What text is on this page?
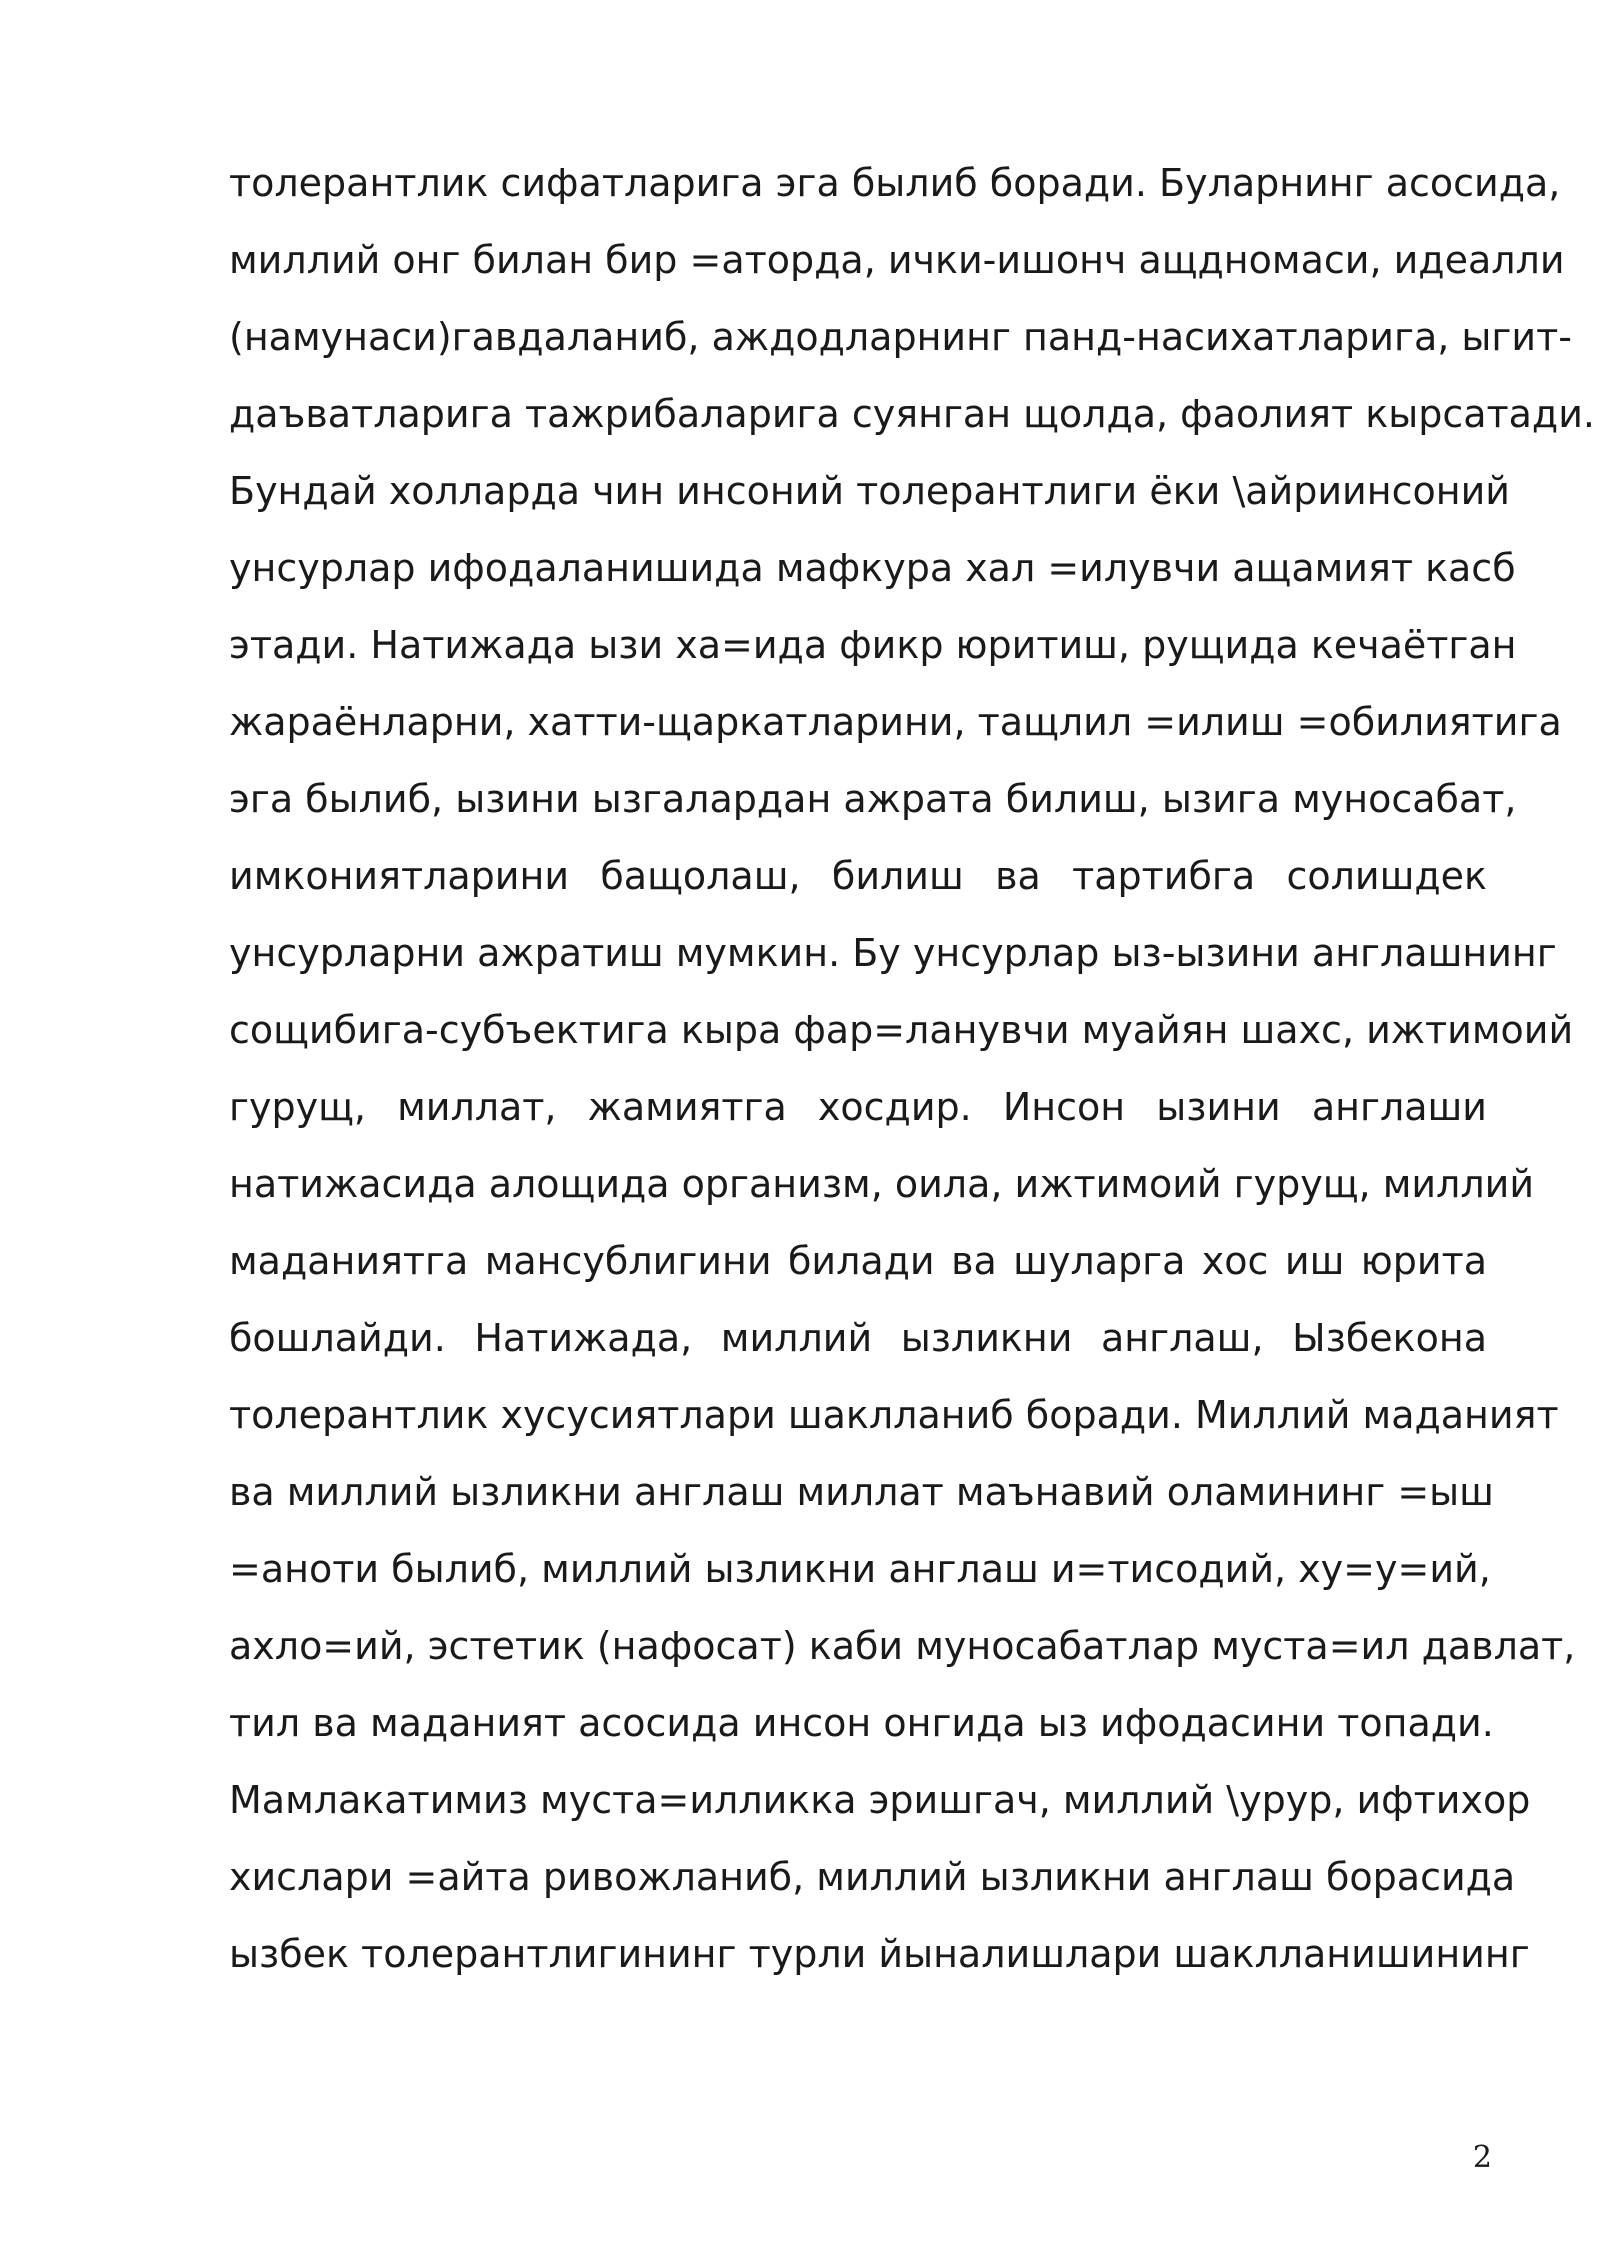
толерантлик сифатларига эга былиб боради. Буларнинг асосида,
миллий онг билан бир =аторда, ички-ишонч ащдномаси, идеалли
(намунаси)гавдаланиб, аждодларнинг панд-насихатларига, ыгит-
даъватларига тажрибаларига суянган щолда, фаолият кырсатади.
Бундай холларда чин инсоний толерантлиги ёки \айриинсоний
унсурлар ифодаланишида мафкура хал =илувчи ащамият касб
этади. Натижада ызи ха=ида фикр юритиш, рущида кечаётган
жараёнларни, хатти-щаркатларини, тащлил =илиш =обилиятига
эга былиб, ызини ызгалардан ажрата билиш, ызига муносабат,
имкониятларини бащолаш, билиш ва тартибга солишдек
унсурларни ажратиш мумкин. Бу унсурлар ыз-ызини англашнинг
сощибига-субъектига кыра фар=ланувчи муайян шахс, ижтимоий
гурущ, миллат, жамиятга хосдир. Инсон ызини англаши
натижасида алощида организм, оила, ижтимоий гурущ, миллий
маданиятга мансублигини билади ва шуларга хос иш юрита
бошлайди. Натижада, миллий ызликни англаш, Ызбекона
толерантлик хусусиятлари шаклланиб боради. Миллий маданият
ва миллий ызликни англаш миллат маънавий оламининг =ыш
=аноти былиб, миллий ызликни англаш и=тисодий, ху=у=ий,
ахло=ий, эстетик (нафосат) каби муносабатлар муста=ил давлат,
тил ва маданият асосида инсон онгида ыз ифодасини топади.
Мамлакатимиз муста=илликка эришгач, миллий \урур, ифтихор
хислари =айта ривожланиб, миллий ызликни англаш борасида
ызбек толерантлигининг турли йыналишлари шаклланишининг
2
